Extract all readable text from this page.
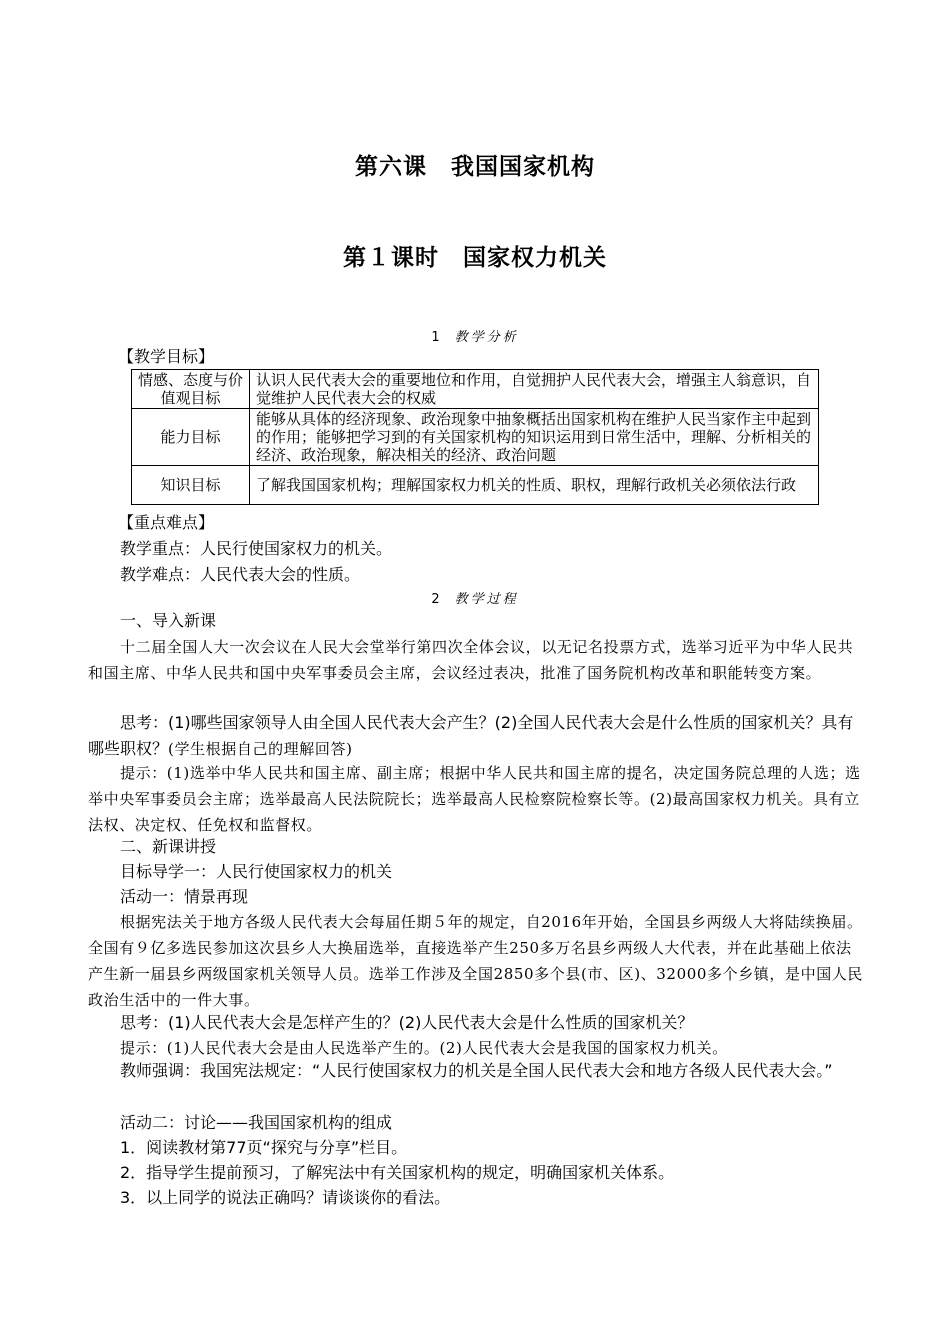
第六课　我国国家机构
第１课时　国家权力机关
1 教学分析
【教学目标】
情感、态度与价值观目标	认识人民代表大会的重要地位和作用，自觉拥护人民代表大会，增强主人翁意识，自觉维护人民代表大会的权威
能力目标	能够从具体的经济现象、政治现象中抽象概括出国家机构在维护人民当家作主中起到的作用；能够把学习到的有关国家机构的知识运用到日常生活中，理解、分析相关的经济、政治现象，解决相关的经济、政治问题
知识目标	了解我国国家机构；理解国家权力机关的性质、职权，理解行政机关必须依法行政
【重点难点】
教学重点：人民行使国家权力的机关。
教学难点：人民代表大会的性质。
2 教学过程
一、导入新课

十二届全国人大一次会议在人民大会堂举行第四次全体会议，以无记名投票方式，选举习近平为中华人民共和国主席、中华人民共和国中央军事委员会主席，会议经过表决，批准了国务院机构改革和职能转变方案。

思考：(1)哪些国家领导人由全国人民代表大会产生？(2)全国人民代表大会是什么性质的国家机关？具有哪些职权？(学生根据自己的理解回答)

提示：(1)选举中华人民共和国主席、副主席；根据中华人民共和国主席的提名，决定国务院总理的人选；选举中央军事委员会主席；选举最高人民法院院长；选举最高人民检察院检察长等。(2)最高国家权力机关。具有立法权、决定权、任免权和监督权。

二、新课讲授
目标导学一：人民行使国家权力的机关
活动一：情景再现

根据宪法关于地方各级人民代表大会每届任期５年的规定，自2016年开始，全国县乡两级人大将陆续换届。全国有９亿多选民参加这次县乡人大换届选举，直接选举产生250多万名县乡两级人大代表，并在此基础上依法产生新一届县乡两级国家机关领导人员。选举工作涉及全国2850多个县(市、区)、32000多个乡镇，是中国人民政治生活中的一件大事。

思考：(1)人民代表大会是怎样产生的？(2)人民代表大会是什么性质的国家机关？
提示：(1)人民代表大会是由人民选举产生的。(2)人民代表大会是我国的国家权力机关。

教师强调：我国宪法规定：“人民行使国家权力的机关是全国人民代表大会和地方各级人民代表大会。”

活动二：讨论——我国国家机构的组成
1．阅读教材第77页“探究与分享”栏目。
2．指导学生提前预习，了解宪法中有关国家机构的规定，明确国家机关体系。
3．以上同学的说法正确吗？请谈谈你的看法。
